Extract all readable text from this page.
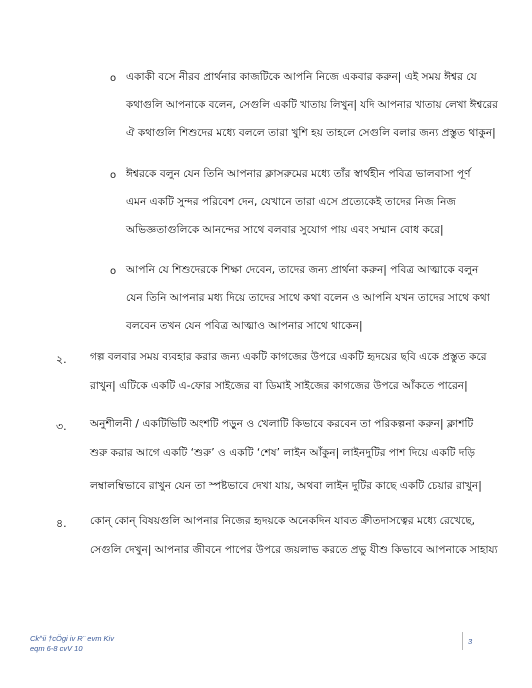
o একাকী বসে নীরব প্রার্থনার কাজটিকে আপনি নিজে একবার করুন| এই সময় ঈশ্বর যে
কথাগুলি আপনাকে বলেন, সেগুলি একটি খাতায় লিখুন| যদি আপনার খাতায় লেখা ঈশ্বরের
ঐ কথাগুলি শিশুদের মধ্যে বললে তারা খুশি হয় তাহলে সেগুলি বলার জন্য প্রস্তুত থাকুন|
o ঈশ্বরকে বলুন যেন তিনি আপনার ক্লাসরুমের মধ্যে তাঁর স্বার্থহীন পবিত্র ভালবাসা পূর্ণ
এমন একটি সুন্দর পরিবেশ দেন, যেখানে তারা এসে প্রত্যেকেই তাদের নিজ নিজ
অভিজ্ঞতাগুলিকে আনন্দের সাথে বলবার সুযোগ পায় এবং সম্মান বোধ করে|
o আপনি যে শিশুদেরকে শিক্ষা দেবেন, তাদের জন্য প্রার্থনা করুন| পবিত্র আত্মাকে বলুন
যেন তিনি আপনার মধ্য দিয়ে তাদের সাথে কথা বলেন ও আপনি যখন তাদের সাথে কথা
বলবেন তখন যেন পবিত্র আত্মাও আপনার সাথে থাকেন|
২. গল্প বলবার সময় ব্যবহার করার জন্য একটি কাগজের উপরে একটি হৃদয়ের ছবি একে প্রস্তুত করে
রাখুন| এটিকে একটি এ-ফোর সাইজের বা ডিমাই সাইজের কাগজের উপরে আঁকতে পারেন|
৩. অনুশীলনী / একটিভিটি অংশটি পড়ুন ও খেলাটি কিভাবে করবেন তা পরিকল্পনা করুন| ক্লাশটি
শুরু করার আগে একটি ‘শুরু’ ও একটি ‘শেষ’ লাইন আঁকুন| লাইনদুটির পাশ দিয়ে একটি দড়ি
লম্বালম্বিভাবে রাখুন যেন তা স্পষ্টভাবে দেখা যায়, অথবা লাইন দুটির কাছে একটি চেয়ার রাখুন|
৪. কোন্ কোন্ বিষয়গুলি আপনার নিজের হৃদয়কে অনেকদিন যাবত ক্রীতদাসত্বের মধ্যে রেখেছে,
সেগুলি দেখুন| আপনার জীবনে পাপের উপরে জয়লাভ করতে প্রভু যীশু কিভাবে আপনাকে সাহায্য
Ck^ii †cÖgi iv R¨ evm Kiv
eqm 6-8 cvV 10
3
